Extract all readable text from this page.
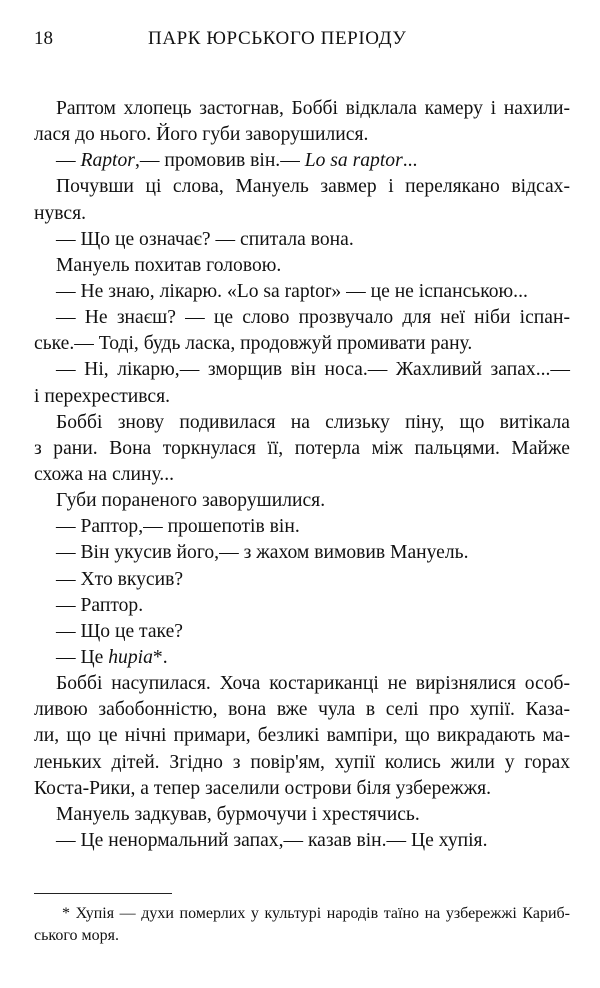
18	ПАРК ЮРСЬКОГО ПЕРІОДУ
Раптом хлопець застогнав, Боббі відклала камеру і нахили-
лася до нього. Його губи заворушилися.
— Raptor,— промовив він.— Lo sa raptor...
Почувши ці слова, Мануель завмер і перелякано відсах-
нувся.
— Що це означає? — спитала вона.
Мануель похитав головою.
— Не знаю, лікарю. «Lo sa raptor» — це не іспанською...
— Не знаєш? — це слово прозвучало для неї ніби іспан-
ське.— Тоді, будь ласка, продовжуй промивати рану.
— Ні, лікарю,— зморщив він носа.— Жахливий запах...—
і перехрестився.
Боббі знову подивилася на слизьку піну, що витікала
з рани. Вона торкнулася її, потерла між пальцями. Майже
схожа на слину...
Губи пораненого заворушилися.
— Раптор,— прошепотів він.
— Він укусив його,— з жахом вимовив Мануель.
— Хто вкусив?
— Раптор.
— Що це таке?
— Це hupia*.
Боббі насупилася. Хоча костариканці не вирізнялися особ-
ливою забобонністю, вона вже чула в селі про хупії. Каза-
ли, що це нічні примари, безликі вампіри, що викрадають ма-
леньких дітей. Згідно з повір'ям, хупії колись жили у горах
Коста-Рики, а тепер заселили острови біля узбережжя.
Мануель задкував, бурмочучи і хрестячись.
— Це ненормальний запах,— казав він.— Це хупія.
* Хупія — духи померлих у культурі народів таїно на узбережжі Кариб-
ського моря.
